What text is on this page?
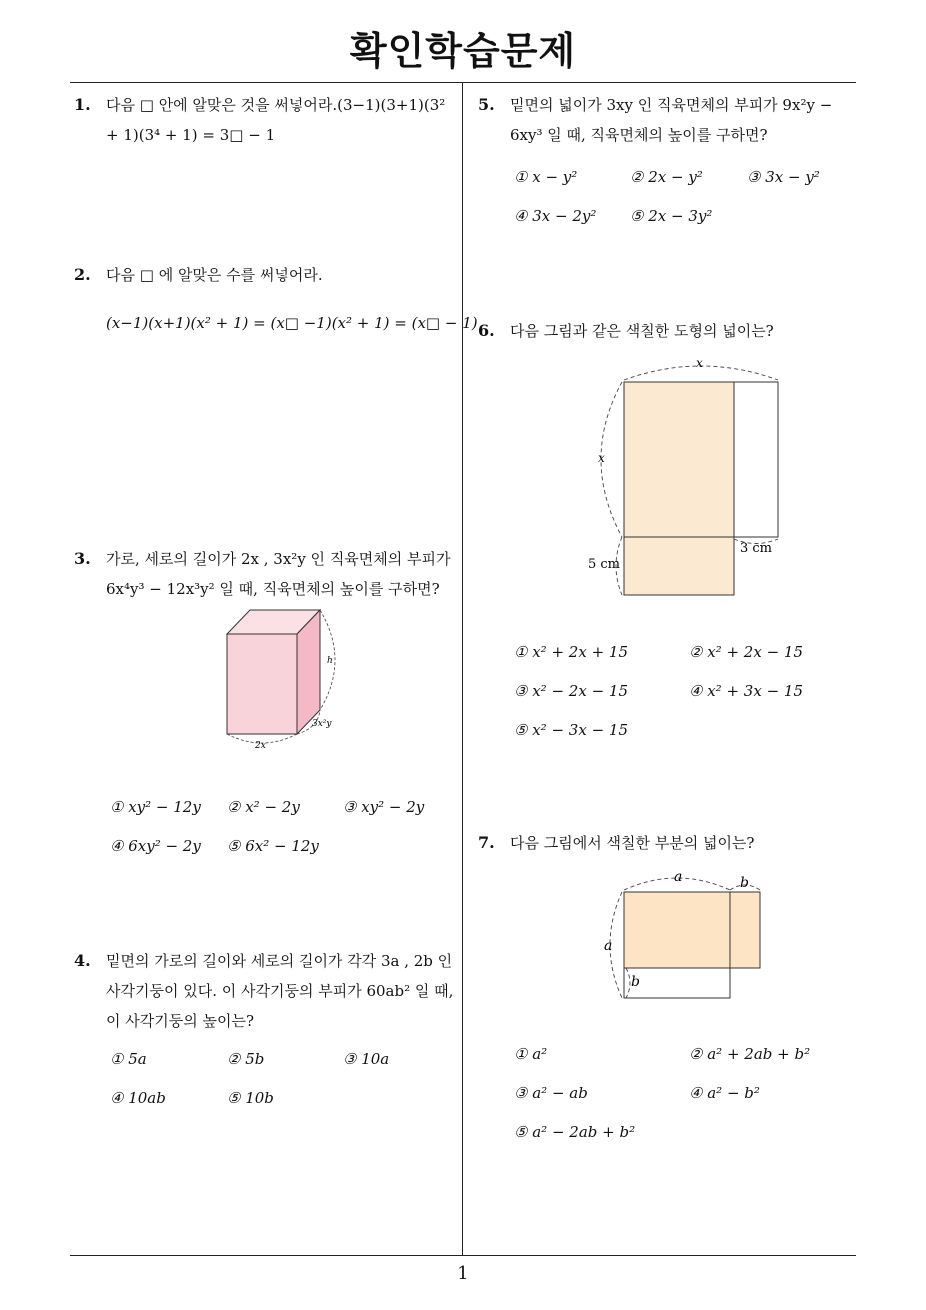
확인학습문제
1
1. 다음 □ 안에 알맞은 것을 써넣어라.(3−1)(3+1)(3² + 1)(3⁴ + 1) = 3□ − 1
2. 다음 □ 에 알맞은 수를 써넣어라.
(x−1)(x+1)(x² + 1) = (x□ −1)(x² + 1) = (x□ − 1)
3. 가로, 세로의 길이가 2x , 3x²y 인 직육면체의 부피가 6x⁴y³ − 12x³y² 일 때, 직육면체의 높이를 구하면?
h
3x²y
2x
① xy² − 12y ② x² − 2y	③ xy² − 2y
④ 6xy² − 2y ⑤ 6x² − 12y
4. 밑면의 가로의 길이와 세로의 길이가 각각 3a , 2b 인 사각기둥이 있다. 이 사각기둥의 부피가 60ab² 일 때, 이 사각기둥의 높이는?
① 5a	② 5b	③ 10a
④ 10ab	⑤ 10b
5. 밑면의 넓이가 3xy 인 직육면체의 부피가 9x²y − 6xy³ 일 때, 직육면체의 높이를 구하면?
① x − y²	② 2x − y²	③ 3x − y²
④ 3x − 2y² ⑤ 2x − 3y²
6. 다음 그림과 같은 색칠한 도형의 넓이는?
x
x
5 cm
3 cm
① x² + 2x + 15	② x² + 2x − 15
③ x² − 2x − 15	④ x² + 3x − 15
⑤ x² − 3x − 15
7. 다음 그림에서 색칠한 부분의 넓이는?
a	b
a
b
① a²	② a² + 2ab + b²
③ a² − ab	④ a² − b²
⑤ a² − 2ab + b²
